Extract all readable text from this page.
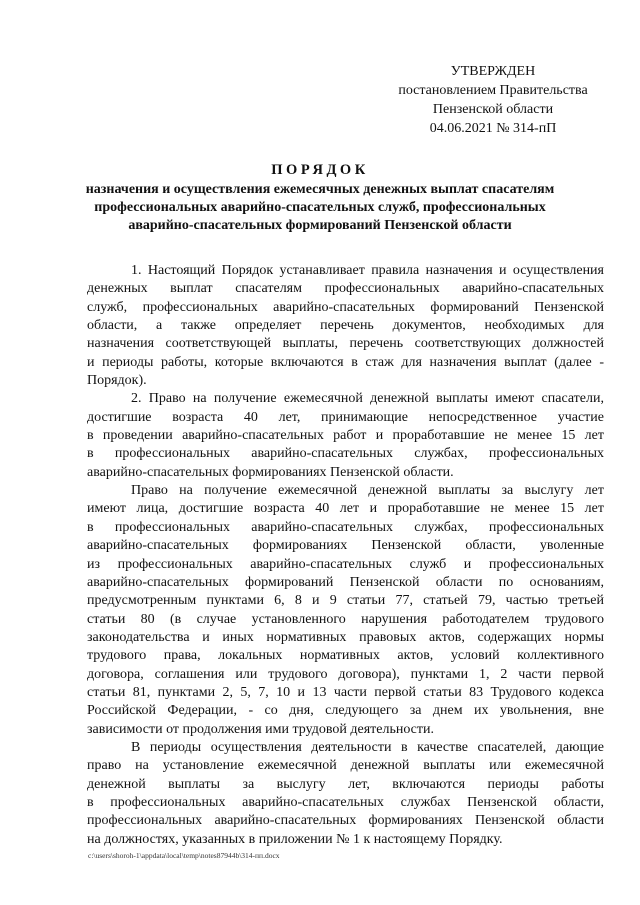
УТВЕРЖДЕН
постановлением Правительства
Пензенской области
04.06.2021 № 314-пП
ПОРЯДОК
назначения и осуществления ежемесячных денежных выплат спасателям
профессиональных аварийно-спасательных служб, профессиональных
аварийно-спасательных формирований Пензенской области
1. Настоящий Порядок устанавливает правила назначения и осуществления
денежных выплат спасателям профессиональных аварийно-спасательных
служб, профессиональных аварийно-спасательных формирований Пензенской
области, а также определяет перечень документов, необходимых для
назначения соответствующей выплаты, перечень соответствующих должностей
и периоды работы, которые включаются в стаж для назначения выплат (далее -
Порядок).
2. Право на получение ежемесячной денежной выплаты имеют спасатели,
достигшие возраста 40 лет, принимающие непосредственное участие
в проведении аварийно-спасательных работ и проработавшие не менее 15 лет
в профессиональных аварийно-спасательных службах, профессиональных
аварийно-спасательных формированиях Пензенской области.
Право на получение ежемесячной денежной выплаты за выслугу лет
имеют лица, достигшие возраста 40 лет и проработавшие не менее 15 лет
в профессиональных аварийно-спасательных службах, профессиональных
аварийно-спасательных формированиях Пензенской области, уволенные
из профессиональных аварийно-спасательных служб и профессиональных
аварийно-спасательных формирований Пензенской области по основаниям,
предусмотренным пунктами 6, 8 и 9 статьи 77, статьей 79, частью третьей
статьи 80 (в случае установленного нарушения работодателем трудового
законодательства и иных нормативных правовых актов, содержащих нормы
трудового права, локальных нормативных актов, условий коллективного
договора, соглашения или трудового договора), пунктами 1, 2 части первой
статьи 81, пунктами 2, 5, 7, 10 и 13 части первой статьи 83 Трудового кодекса
Российской Федерации, - со дня, следующего за днем их увольнения, вне
зависимости от продолжения ими трудовой деятельности.
В периоды осуществления деятельности в качестве спасателей, дающие
право на установление ежемесячной денежной выплаты или ежемесячной
денежной выплаты за выслугу лет, включаются периоды работы
в профессиональных аварийно-спасательных службах Пензенской области,
профессиональных аварийно-спасательных формированиях Пензенской области
на должностях, указанных в приложении № 1 к настоящему Порядку.
c:\users\shoroh-1\appdata\local\temp\notes87944b\314-пп.docx
